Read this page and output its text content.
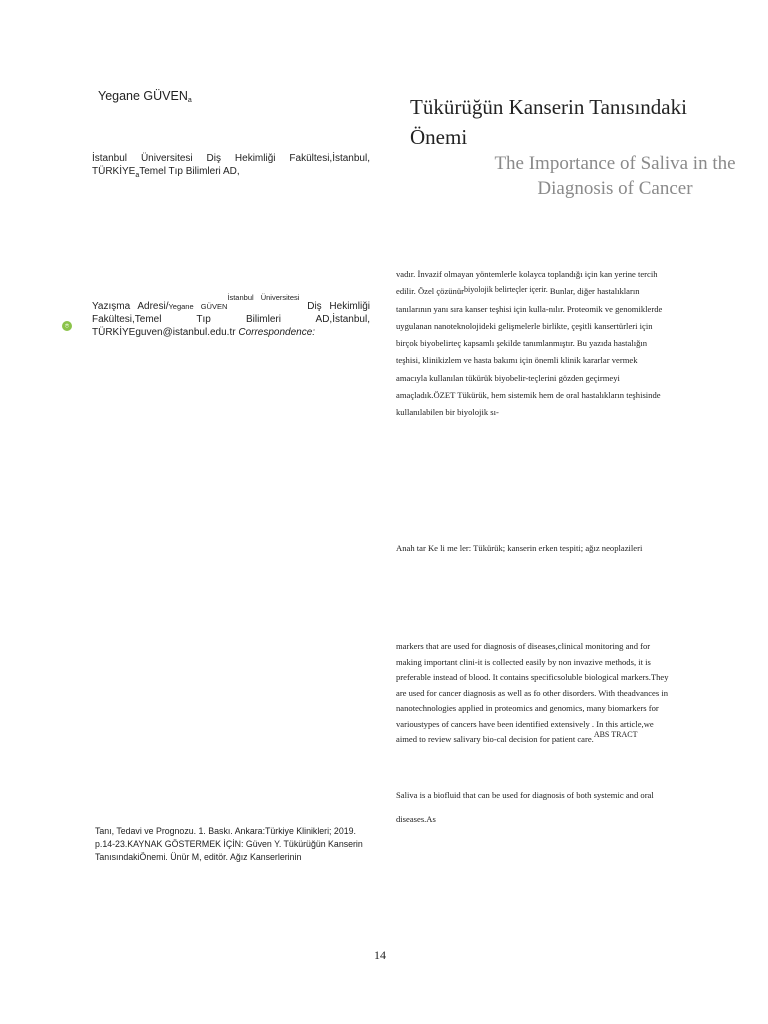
Yegane $GÜVEN_a$	Tükürüğün Kanserin Tanısındaki Önemi
The Importance of Saliva in the Diagnosis of Cancer
İstanbul Üniversitesi Diş Hekimliği Fakültesi,İstanbul, $TÜRKİYE_aTemel$ Tıp Bilimleri AD,
⌾
Yazışma Adresi/Yegane $GÜVEN^{İstanbul Üniversitesi}$ Diş Hekimliği Fakültesi,Temel Tıp Bilimleri AD,İstanbul, TÜRKİYEguven@istanbul.edu.tr Correspondence:
vadır. İnvazif olmayan yöntemlerle kolayca toplandığı için kan yerine tercih edilir. Özel çözünürbiyolojik belirteçler içerir. Bunlar, diğer hastalıkların tanılarının yanı sıra kanser teşhisi için kulla-nılır. Proteomik ve genomiklerde uygulanan nanoteknolojideki gelişmelerle birlikte, çeşitli kansertürleri için birçok biyobelirteç kapsamlı şekilde tanımlanmıştır. Bu yazıda hastalığın teşhisi, klinikizlem ve hasta bakımı için önemli klinik kararlar vermek amacıyla kullanılan tükürük biyobelir-teçlerini gözden geçirmeyi amaçladık.ÖZET Tükürük, hem sistemik hem de oral hastalıkların teşhisinde kullanılabilen bir biyolojik sı-
Anah tar Ke li me ler: Tükürük; kanserin erken tespiti; ağız neoplazileri
markers that are used for diagnosis of diseases,clinical monitoring and for making important clini-it is collected easily by non invazive methods, it is preferable instead of blood. It contains specificsoluble biological markers.They are used for cancer diagnosis as well as fo other disorders. With theadvances in nanotechnologies applied in proteomics and genomics, many biomarkers for varioustypes of cancers have been identified extensively . In this article,we aimed to review salivary bio-cal decision for patient care.ABS TRACT
Saliva is a biofluid that can be used for diagnosis of both systemic and oral diseases.As
Tanı, Tedavi ve Prognozu. 1. Baskı. Ankara:Türkiye Klinikleri; 2019. p.14-23.KAYNAK GÖSTERMEK İÇİN: Güven Y. Tükürüğün Kanserin TanısındakiÖnemi. Ünür M, editör. Ağız Kanserlerinin
14
